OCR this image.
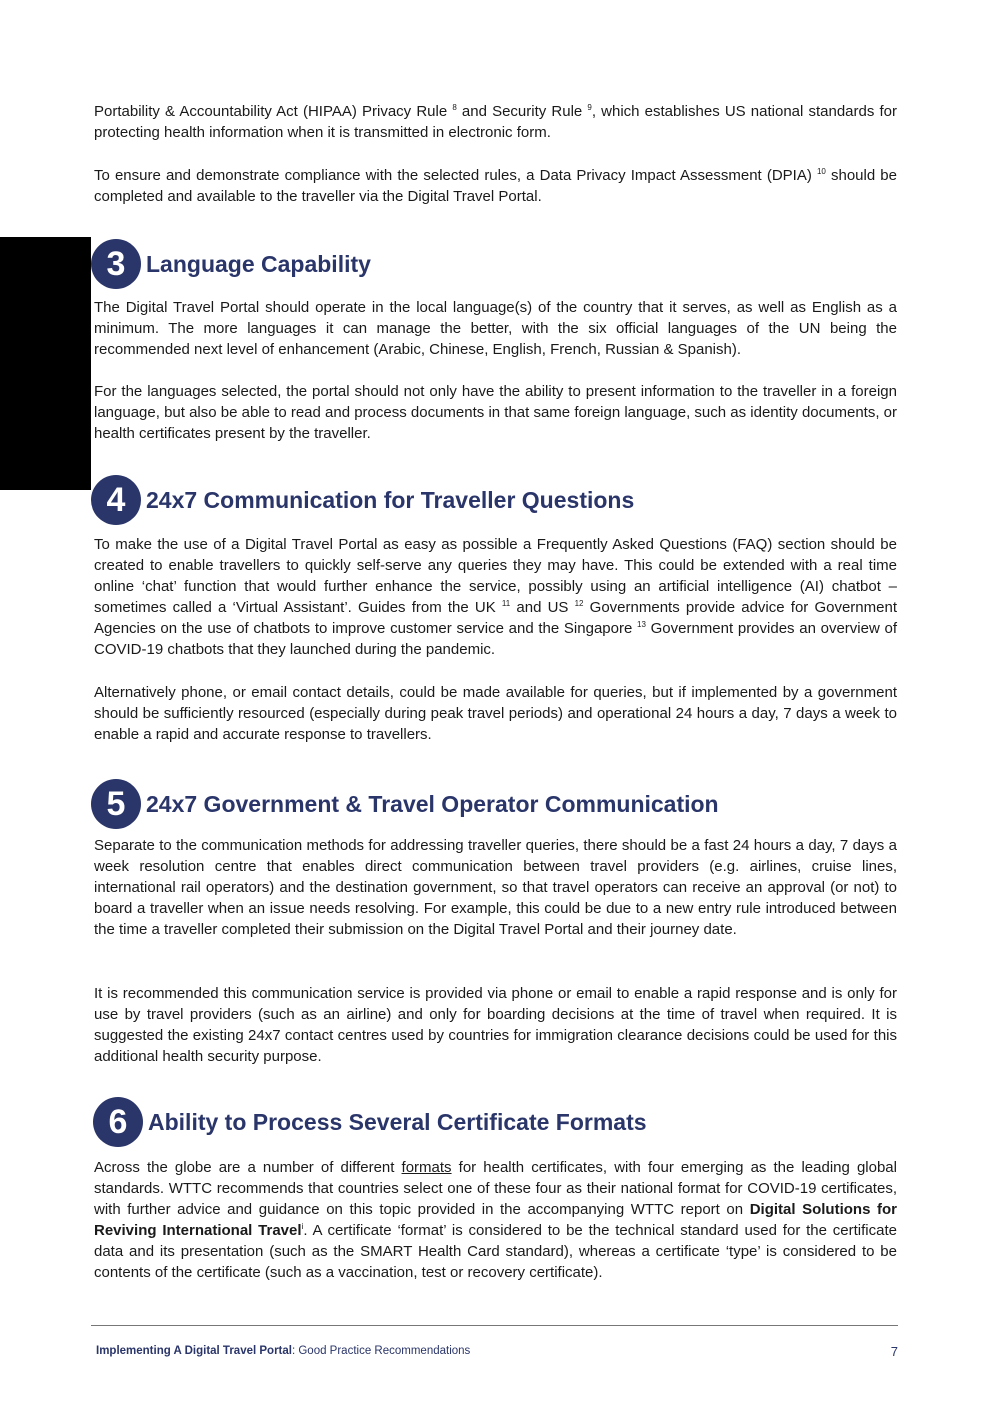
Portability & Accountability Act (HIPAA) Privacy Rule $^8$ and Security Rule $^9$, which establishes US national standards for protecting health information when it is transmitted in electronic form.

To ensure and demonstrate compliance with the selected rules, a Data Privacy Impact Assessment (DPIA) $^{10}$ should be completed and available to the traveller via the Digital Travel Portal.

3 Language Capability

The Digital Travel Portal should operate in the local language(s) of the country that it serves, as well as English as a minimum. The more languages it can manage the better, with the six official languages of the UN being the recommended next level of enhancement (Arabic, Chinese, English, French, Russian & Spanish).

For the languages selected, the portal should not only have the ability to present information to the traveller in a foreign language, but also be able to read and process documents in that same foreign language, such as identity documents, or health certificates present by the traveller.

4 24x7 Communication for Traveller Questions

To make the use of a Digital Travel Portal as easy as possible a Frequently Asked Questions (FAQ) section should be created to enable travellers to quickly self-serve any queries they may have. This could be extended with a real time online ‘chat’ function that would further enhance the service, possibly using an artificial intelligence (AI) chatbot – sometimes called a ‘Virtual Assistant’. Guides from the UK $^{11}$ and US $^{12}$ Governments provide advice for Government Agencies on the use of chatbots to improve customer service and the Singapore $^{13}$ Government provides an overview of COVID-19 chatbots that they launched during the pandemic.

Alternatively phone, or email contact details, could be made available for queries, but if implemented by a government should be sufficiently resourced (especially during peak travel periods) and operational 24 hours a day, 7 days a week to enable a rapid and accurate response to travellers.

5 24x7 Government & Travel Operator Communication

Separate to the communication methods for addressing traveller queries, there should be a fast 24 hours a day, 7 days a week resolution centre that enables direct communication between travel providers (e.g. airlines, cruise lines, international rail operators) and the destination government, so that travel operators can receive an approval (or not) to board a traveller when an issue needs resolving. For example, this could be due to a new entry rule introduced between the time a traveller completed their submission on the Digital Travel Portal and their journey date.

It is recommended this communication service is provided via phone or email to enable a rapid response and is only for use by travel providers (such as an airline) and only for boarding decisions at the time of travel when required. It is suggested the existing 24x7 contact centres used by countries for immigration clearance decisions could be used for this additional health security purpose.

6 Ability to Process Several Certificate Formats

Across the globe are a number of different formats for health certificates, with four emerging as the leading global standards. WTTC recommends that countries select one of these four as their national format for COVID-19 certificates, with further advice and guidance on this topic provided in the accompanying WTTC report on Digital Solutions for Reviving International Travel$^i$. A certificate ‘format’ is considered to be the technical standard used for the certificate data and its presentation (such as the SMART Health Card standard), whereas a certificate ‘type’ is considered to be contents of the certificate (such as a vaccination, test or recovery certificate).

Implementing A Digital Travel Portal: Good Practice Recommendations	7
